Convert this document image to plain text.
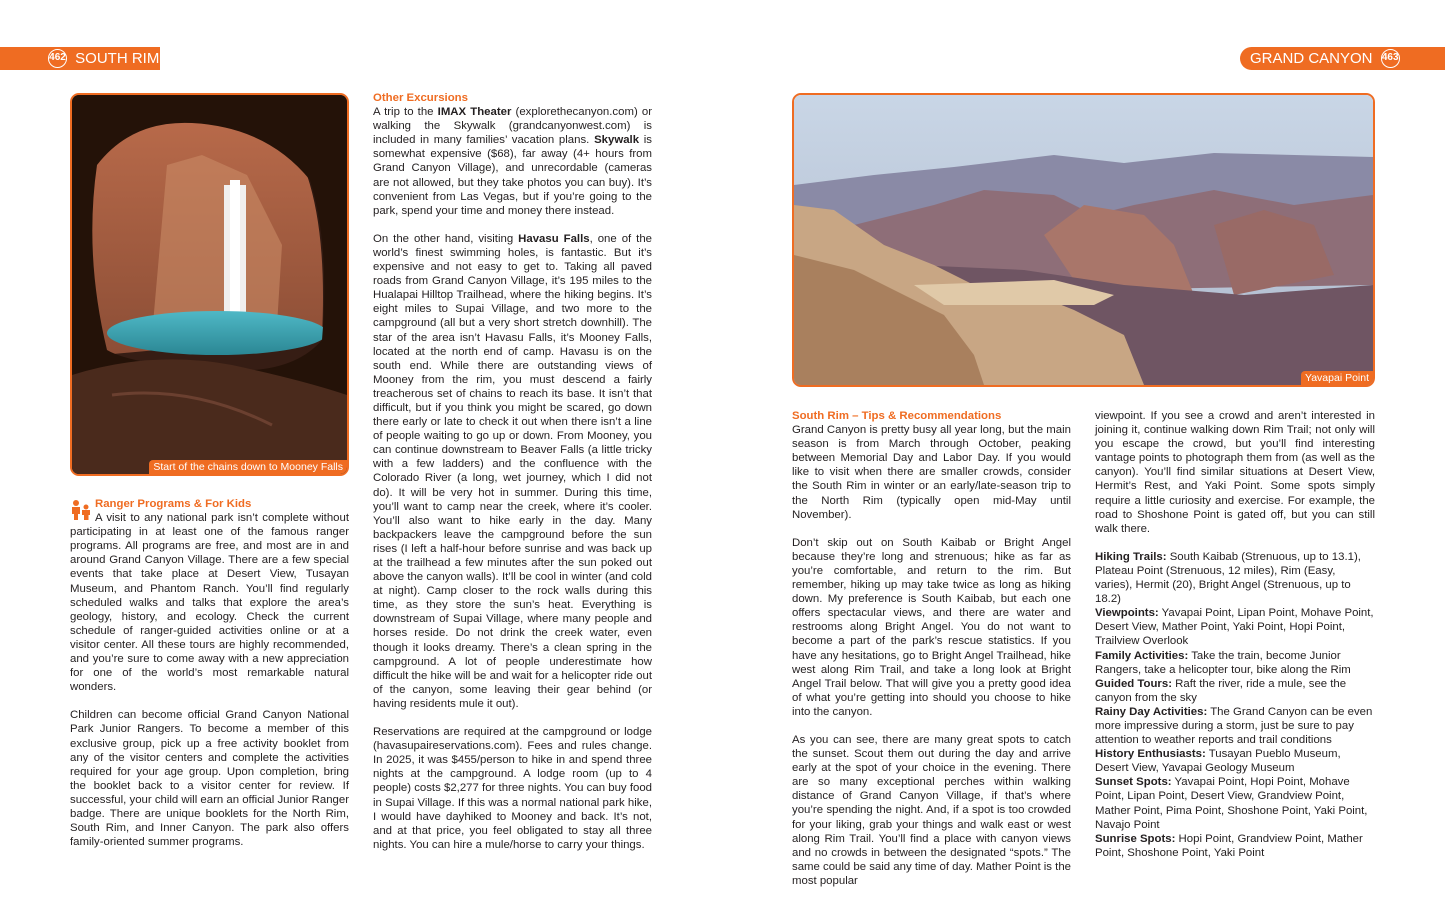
462 SOUTH RIM	GRAND CANYON 463
Start of the chains down to Mooney Falls
Ranger Programs & For Kids

A visit to any national park isn’t complete without participating in at least one of the famous ranger programs. All programs are free, and most are in and around Grand Canyon Village. There are a few special events that take place at Desert View, Tusayan Museum, and Phantom Ranch. You’ll find regularly scheduled walks and talks that explore the area’s geology, history, and ecology. Check the current schedule of ranger-guided activities online or at a visitor center. All these tours are highly recommended, and you’re sure to come away with a new appreciation for one of the world’s most remarkable natural wonders.

Children can become official Grand Canyon National Park Junior Rangers. To become a member of this exclusive group, pick up a free activity booklet from any of the visitor centers and complete the activities required for your age group. Upon completion, bring the booklet back to a visitor center for review. If successful, your child will earn an official Junior Ranger badge. There are unique booklets for the North Rim, South Rim, and Inner Canyon. The park also offers family-oriented summer programs.

Other Excursions

A trip to the IMAX Theater (explorethecanyon.com) or walking the Skywalk (grandcanyonwest.com) is included in many families’ vacation plans. Skywalk is somewhat expensive ($68), far away (4+ hours from Grand Canyon Village), and unrecordable (cameras are not allowed, but they take photos you can buy). It’s convenient from Las Vegas, but if you’re going to the park, spend your time and money there instead.

On the other hand, visiting Havasu Falls, one of the world’s finest swimming holes, is fantastic. But it’s expensive and not easy to get to. Taking all paved roads from Grand Canyon Village, it’s 195 miles to the Hualapai Hilltop Trailhead, where the hiking begins. It’s eight miles to Supai Village, and two more to the campground (all but a very short stretch downhill). The star of the area isn’t Havasu Falls, it’s Mooney Falls, located at the north end of camp. Havasu is on the south end. While there are outstanding views of Mooney from the rim, you must descend a fairly treacherous set of chains to reach its base. It isn’t that difficult, but if you think you might be scared, go down there early or late to check it out when there isn’t a line of people waiting to go up or down. From Mooney, you can continue downstream to Beaver Falls (a little tricky with a few ladders) and the confluence with the Colorado River (a long, wet journey, which I did not do). It will be very hot in summer. During this time, you’ll want to camp near the creek, where it’s cooler. You’ll also want to hike early in the day. Many backpackers leave the campground before the sun rises (I left a half-hour before sunrise and was back up at the trailhead a few minutes after the sun poked out above the canyon walls). It’ll be cool in winter (and cold at night). Camp closer to the rock walls during this time, as they store the sun’s heat. Everything is downstream of Supai Village, where many people and horses reside. Do not drink the creek water, even though it looks dreamy. There’s a clean spring in the campground. A lot of people underestimate how difficult the hike will be and wait for a helicopter ride out of the canyon, some leaving their gear behind (or having residents mule it out).

Reservations are required at the campground or lodge (havasupaireservations.com). Fees and rules change. In 2025, it was $455/person to hike in and spend three nights at the campground. A lodge room (up to 4 people) costs $2,277 for three nights. You can buy food in Supai Village. If this was a normal national park hike, I would have dayhiked to Mooney and back. It’s not, and at that price, you feel obligated to stay all three nights. You can hire a mule/horse to carry your things.

Yavapai Point
South Rim – Tips & Recommendations

Grand Canyon is pretty busy all year long, but the main season is from March through October, peaking between Memorial Day and Labor Day. If you would like to visit when there are smaller crowds, consider the South Rim in winter or an early/late-season trip to the North Rim (typically open mid-May until November).

Don’t skip out on South Kaibab or Bright Angel because they’re long and strenuous; hike as far as you’re comfortable, and return to the rim. But remember, hiking up may take twice as long as hiking down. My preference is South Kaibab, but each one offers spectacular views, and there are water and restrooms along Bright Angel. You do not want to become a part of the park’s rescue statistics. If you have any hesitations, go to Bright Angel Trailhead, hike west along Rim Trail, and take a long look at Bright Angel Trail below. That will give you a pretty good idea of what you’re getting into should you choose to hike into the canyon.

As you can see, there are many great spots to catch the sunset. Scout them out during the day and arrive early at the spot of your choice in the evening. There are so many exceptional perches within walking distance of Grand Canyon Village, if that’s where you’re spending the night. And, if a spot is too crowded for your liking, grab your things and walk east or west along Rim Trail. You’ll find a place with canyon views and no crowds in between the designated “spots.” The same could be said any time of day. Mather Point is the most popular

viewpoint. If you see a crowd and aren’t interested in joining it, continue walking down Rim Trail; not only will you escape the crowd, but you’ll find interesting vantage points to photograph them from (as well as the canyon). You’ll find similar situations at Desert View, Hermit’s Rest, and Yaki Point. Some spots simply require a little curiosity and exercise. For example, the road to Shoshone Point is gated off, but you can still walk there.

Hiking Trails: South Kaibab (Strenuous, up to 13.1), Plateau Point (Strenuous, 12 miles), Rim (Easy, varies), Hermit (20), Bright Angel (Strenuous, up to 18.2)
Viewpoints: Yavapai Point, Lipan Point, Mohave Point, Desert View, Mather Point, Yaki Point, Hopi Point, Trailview Overlook
Family Activities: Take the train, become Junior Rangers, take a helicopter tour, bike along the Rim
Guided Tours: Raft the river, ride a mule, see the canyon from the sky
Rainy Day Activities: The Grand Canyon can be even more impressive during a storm, just be sure to pay attention to weather reports and trail conditions
History Enthusiasts: Tusayan Pueblo Museum, Desert View, Yavapai Geology Museum
Sunset Spots: Yavapai Point, Hopi Point, Mohave Point, Lipan Point, Desert View, Grandview Point, Mather Point, Pima Point, Shoshone Point, Yaki Point, Navajo Point
Sunrise Spots: Hopi Point, Grandview Point, Mather Point, Shoshone Point, Yaki Point
